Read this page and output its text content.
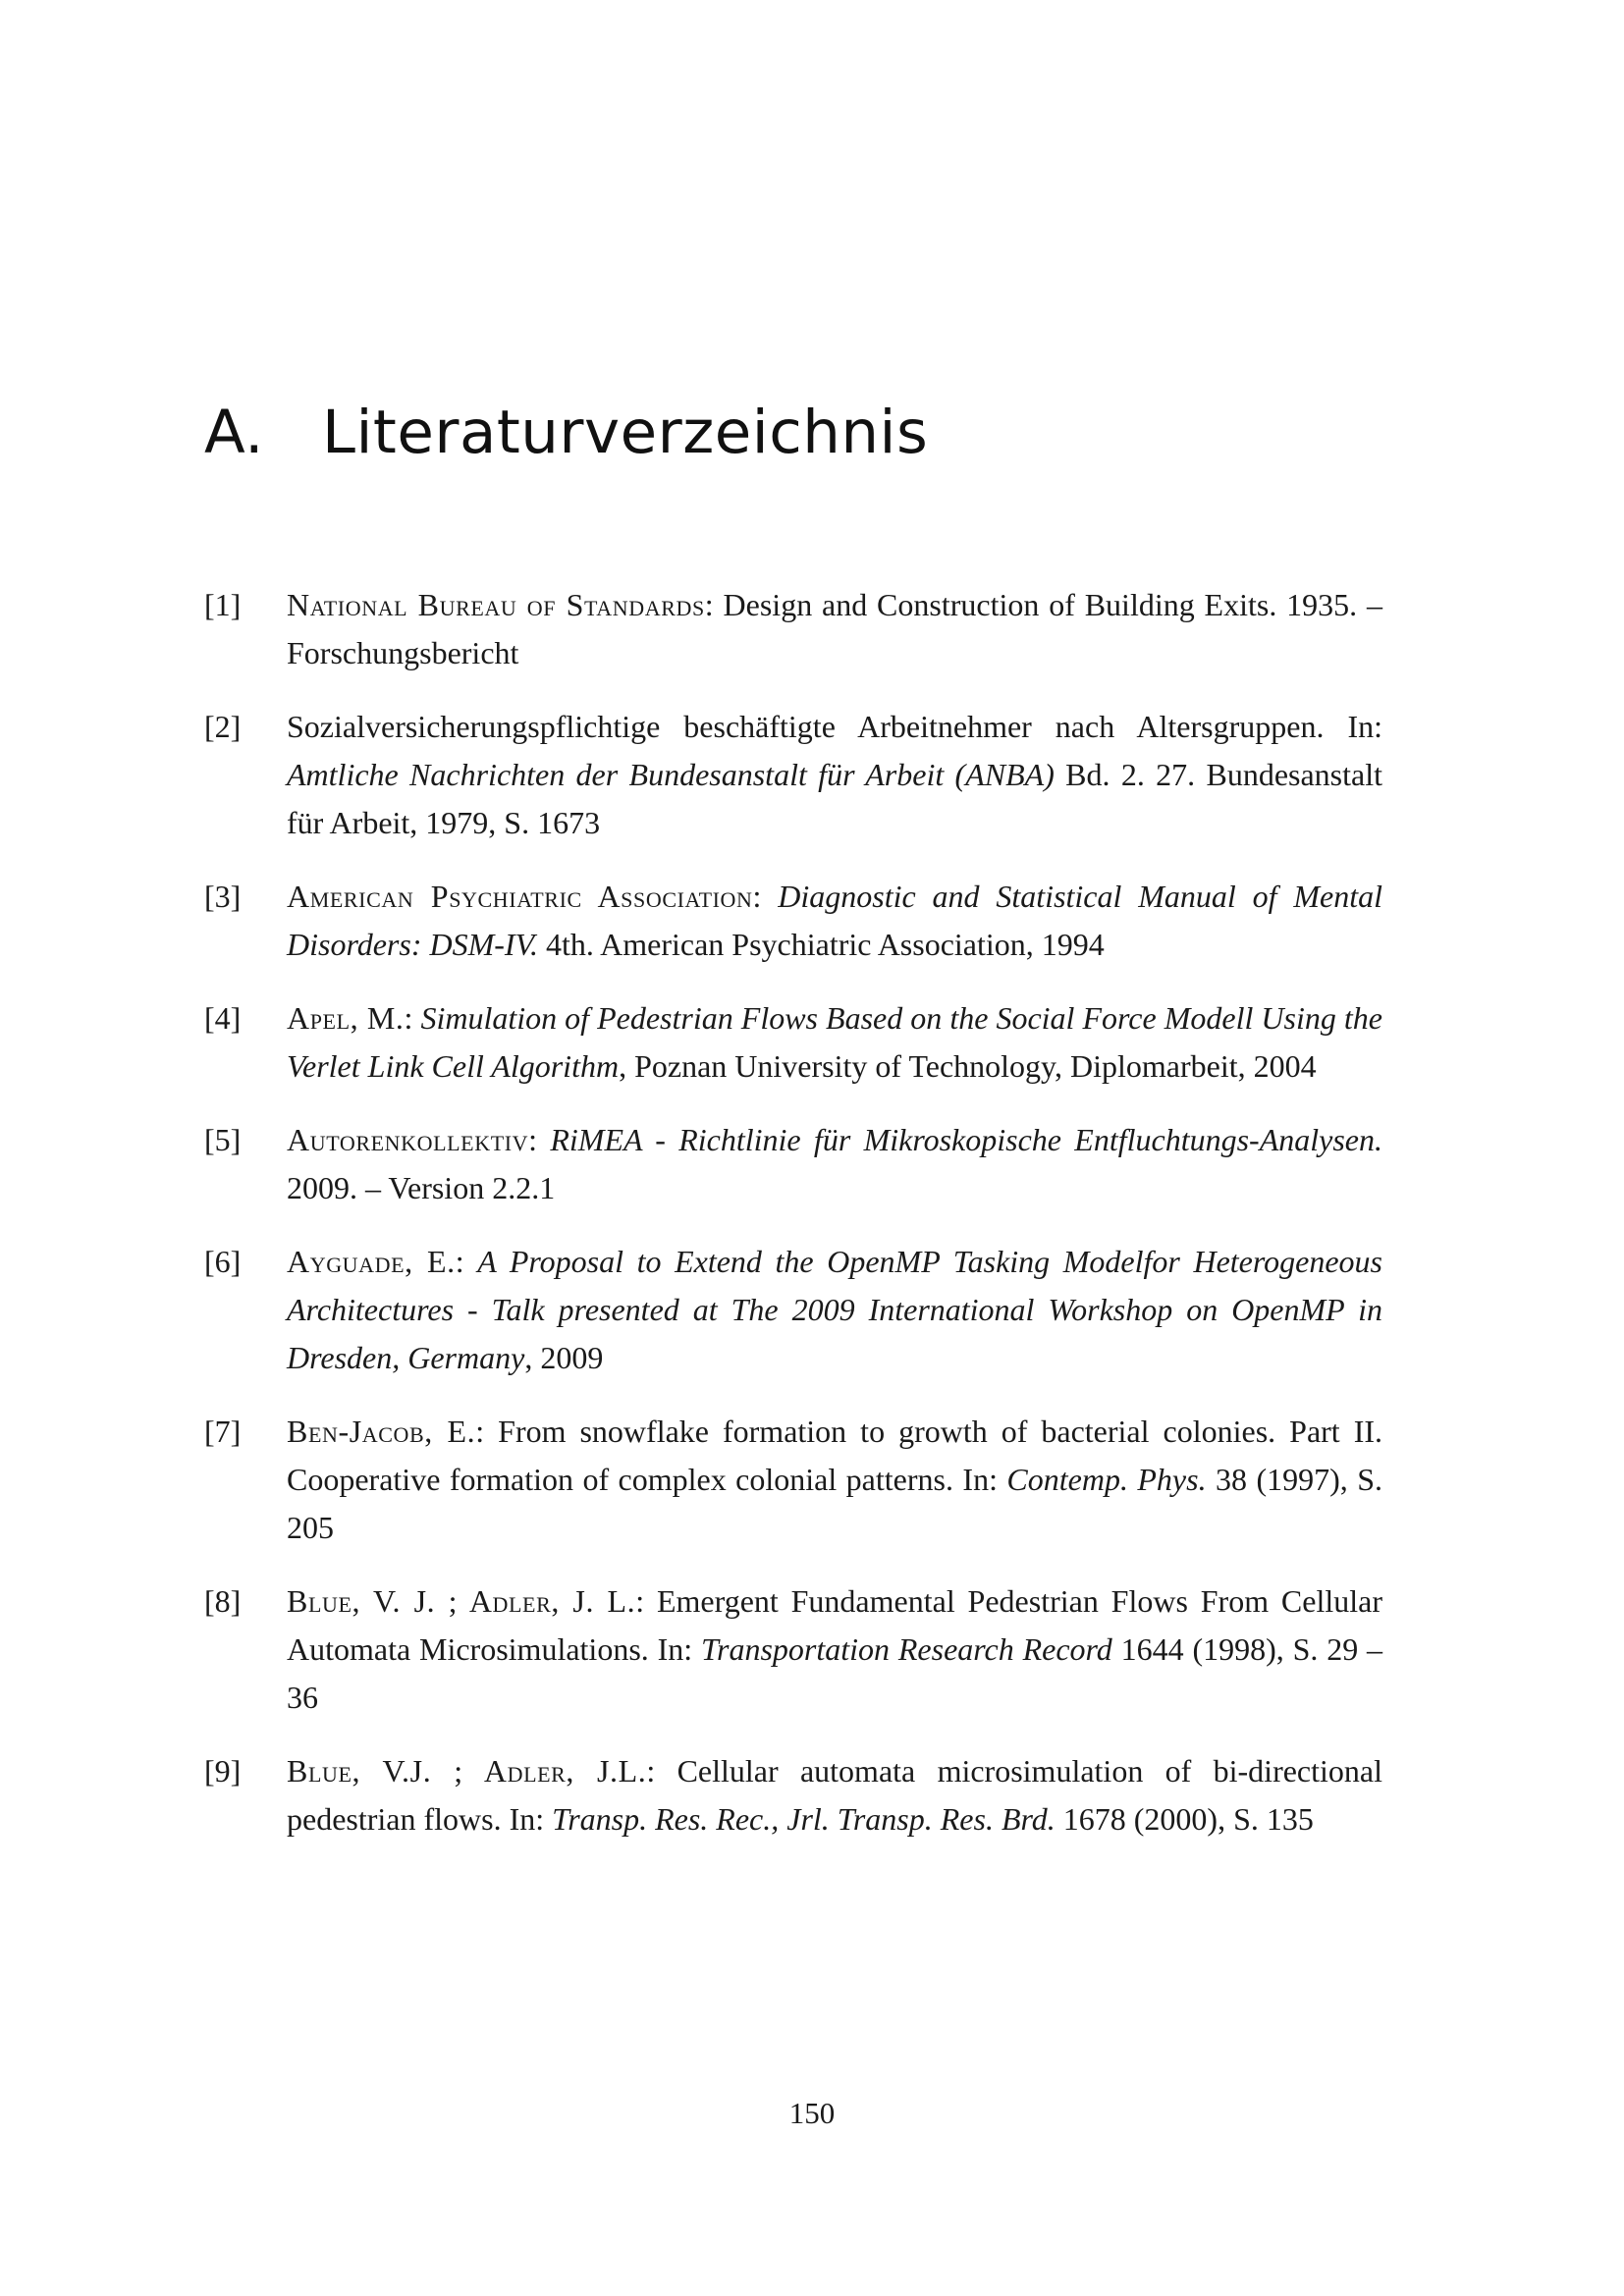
A. Literaturverzeichnis
[1] National Bureau of Standards: Design and Construction of Building Exits. 1935. – Forschungsbericht
[2] Sozialversicherungspflichtige beschäftigte Arbeitnehmer nach Altersgruppen. In: Amtliche Nachrichten der Bundesanstalt für Arbeit (ANBA) Bd. 2. 27. Bundesanstalt für Arbeit, 1979, S. 1673
[3] American Psychiatric Association: Diagnostic and Statistical Manual of Mental Disorders: DSM-IV. 4th. American Psychiatric Association, 1994
[4] Apel, M.: Simulation of Pedestrian Flows Based on the Social Force Modell Using the Verlet Link Cell Algorithm, Poznan University of Technology, Diplomarbeit, 2004
[5] Autorenkollektiv: RiMEA - Richtlinie für Mikroskopische Entfluchtungs-Analysen. 2009. – Version 2.2.1
[6] Ayguade, E.: A Proposal to Extend the OpenMP Tasking Modelfor Heterogeneous Architectures - Talk presented at The 2009 International Workshop on OpenMP in Dresden, Germany, 2009
[7] Ben-Jacob, E.: From snowflake formation to growth of bacterial colonies. Part II. Cooperative formation of complex colonial patterns. In: Contemp. Phys. 38 (1997), S. 205
[8] Blue, V. J. ; Adler, J. L.: Emergent Fundamental Pedestrian Flows From Cellular Automata Microsimulations. In: Transportation Research Record 1644 (1998), S. 29 –36
[9] Blue, V.J. ; Adler, J.L.: Cellular automata microsimulation of bi-directional pedestrian flows. In: Transp. Res. Rec., Jrl. Transp. Res. Brd. 1678 (2000), S. 135
150
